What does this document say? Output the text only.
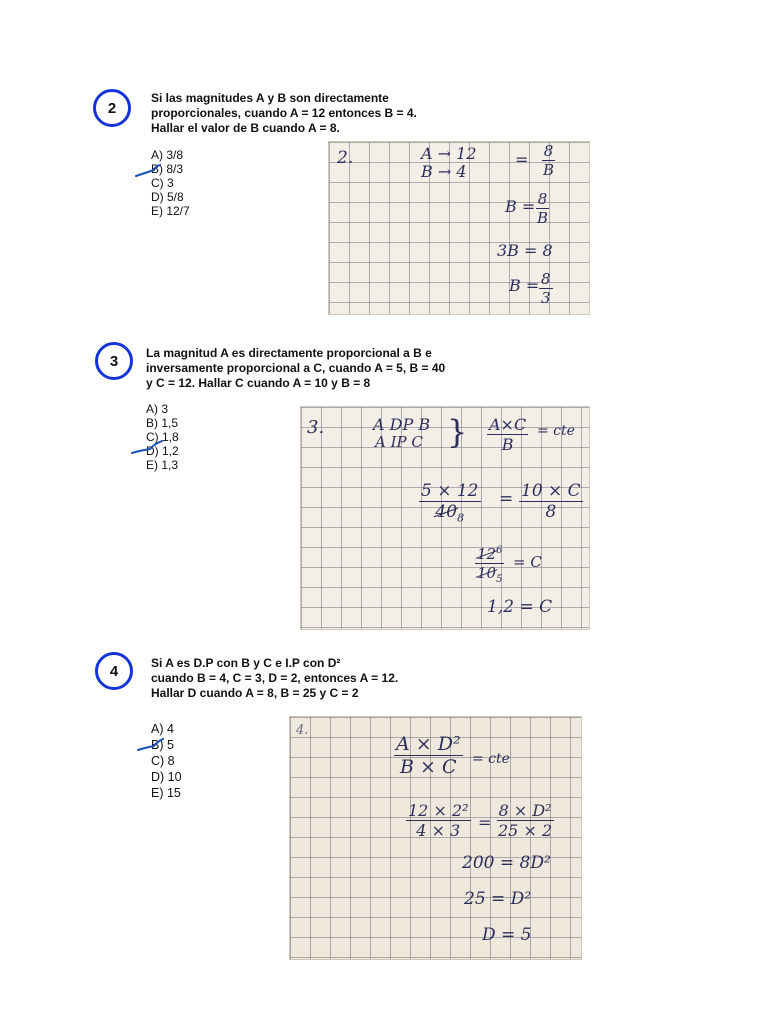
2

Si las magnitudes A y B son directamente

proporcionales, cuando A = 12 entonces B = 4.

Hallar el valor de B cuando A = 8.

A) 3/8
B) 8/3
C) 3
D) 5/8
E) 12/7
2.	A → 12
B → 4
= $\frac{8}{B}$
$B = \frac{8}{B}$
3B = 8
$B = \frac{8}{3}$
3	La magnitud A es directamente proporcional a B e

inversamente proporcional a C, cuando A = 5, B = 40

y C = 12. Hallar C cuando A = 10 y B = 8

A) 3
B) 1,5
C) 1,8
D) 1,2
E) 1,3
3.	A DP B
A IP C } $\frac{A\times C}{B}$ = cte
$\frac{5 \times 12}{40_8} = \frac{10 \times C}{8}$
$\frac{12^6}{10_5} = C$
1,2 = C
4	Si A es D.P con B y C e I.P con D²

cuando B = 4, C = 3, D = 2, entonces A = 12.

Hallar D cuando A = 8, B = 25 y C = 2

A) 4
B) 5
C) 8
D) 10
E) 15
4.
$\frac{\text{A × D²}}{B \times C}$ = cte
$\frac{\text{12 × 2²}}{4 \times 3} = \frac{\text{8 × D²}}{25 \times 2}$
200 = 8D²
25 = D²
D = 5
